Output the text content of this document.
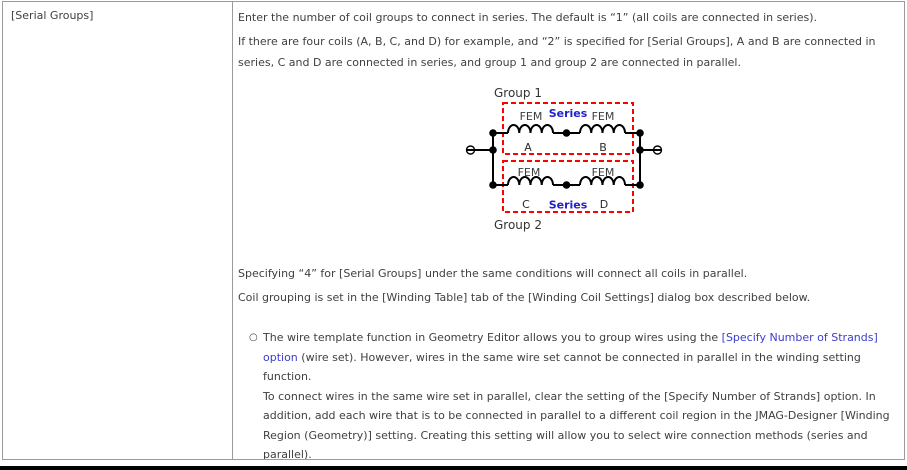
[Serial Groups]	Enter the number of coil groups to connect in series. The default is “1” (all coils are connected in series).

If there are four coils (A, B, C, and D) for example, and “2” is specified for [Serial Groups], A and B are connected in series, C and D are connected in series, and group 1 and group 2 are connected in parallel.

Group 1
FEM Series FEM
A	B
FEM	FEM
C Series D
Group 2

Specifying “4” for [Serial Groups] under the same conditions will connect all coils in parallel.

Coil grouping is set in the [Winding Table] tab of the [Winding Coil Settings] dialog box described below.

○ The wire template function in Geometry Editor allows you to group wires using the [Specify Number of Strands] option (wire set). However, wires in the same wire set cannot be connected in parallel in the winding setting function.
To connect wires in the same wire set in parallel, clear the setting of the [Specify Number of Strands] option. In addition, add each wire that is to be connected in parallel to a different coil region in the JMAG-Designer [Winding Region (Geometry)] setting. Creating this setting will allow you to select wire connection methods (series and parallel).
